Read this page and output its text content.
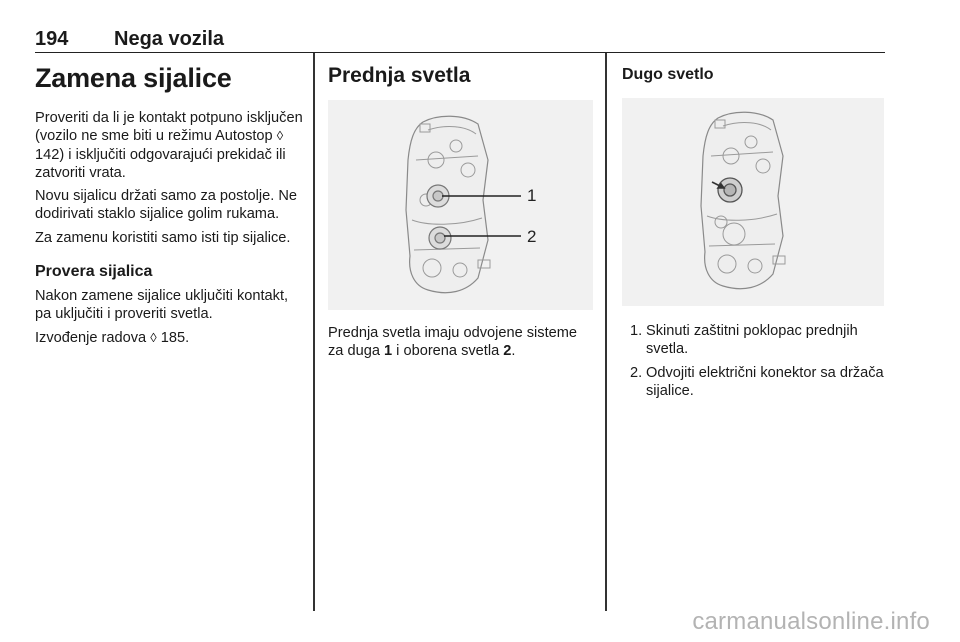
194 Nega vozila
Zamena sijalice

Proveriti da li je kontakt potpuno isključen (vozilo ne sme biti u režimu Autostop ◊ 142) i isključiti odgovarajući prekidač ili zatvoriti vrata.

Novu sijalicu držati samo za postolje. Ne dodirivati staklo sijalice golim rukama.

Za zamenu koristiti samo isti tip sijalice.

Provera sijalica

Nakon zamene sijalice uključiti kontakt, pa uključiti i proveriti svetla.

Izvođenje radova ◊ 185.

Prednja svetla
1
2

Prednja svetla imaju odvojene sisteme za duga 1 i oborena svetla 2.

Dugo svetlo
1. Skinuti zaštitni poklopac prednjih svetla.
2. Odvojiti električni konektor sa držača sijalice.
carmanualsonline.info
